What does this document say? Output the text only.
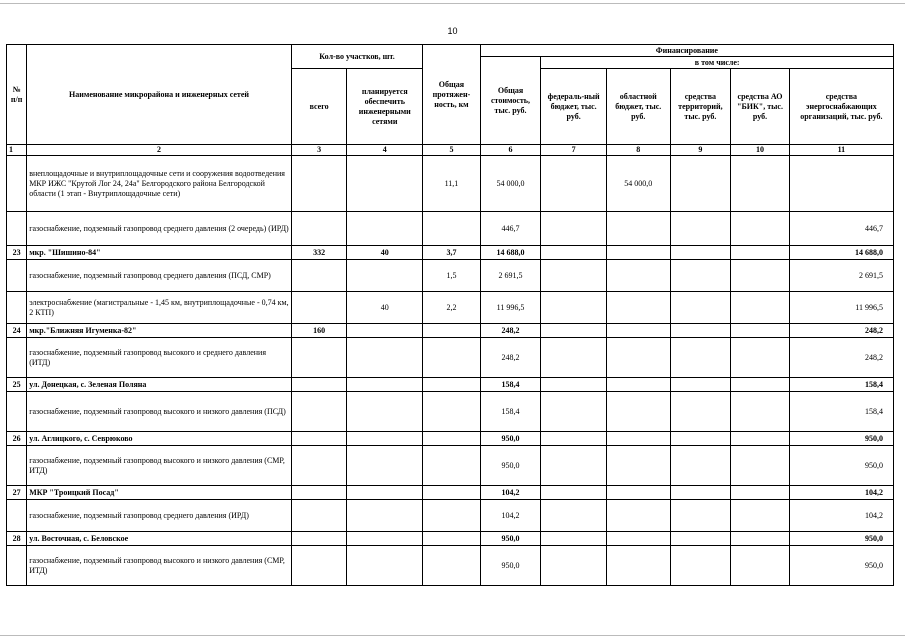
10
№
п/п	Наименование микрорайона и инженерных сетей	Кол-во участков, шт.		Общая протяжен-ность, км	Финансирование					
					Общая стоимость, тыс. руб.	в том числе:				
		всего	планируется обеспечить инженерными сетями			федераль-ный бюджет, тыс. руб.	областной бюджет, тыс. руб.	средства территорий, тыс. руб.	средства АО "БИК", тыс. руб.	средства энергоснабжающих организаций, тыс. руб.
1	2	3	4	5	6	7	8	9	10	11
	внеплощадочные и внутриплощадочные сети и сооружения водоотведения МКР ИЖС "Крутой Лог 24, 24а" Белгородского района Белгородской области (1 этап - Внутриплощадочные сети)			11,1	54 000,0		54 000,0			
	газоснабжение, подземный газопровод среднего давления (2 очередь) (ИРД)				446,7					446,7
23	мкр. "Шишино-84"	332	40	3,7	14 688,0					14 688,0
	газоснабжение, подземный газопровод среднего давления (ПСД, СМР)			1,5	2 691,5					2 691,5
	электроснабжение (магистральные - 1,45 км, внутриплощадочные - 0,74 км, 2 КТП)		40	2,2	11 996,5					11 996,5
24	мкр."Ближняя Игуменка-82"	160			248,2					248,2
	газоснабжение, подземный газопровод высокого и среднего давления (ИТД)				248,2					248,2
25	ул. Донецкая, с. Зеленая Поляна				158,4					158,4
	газоснабжение, подземный газопровод высокого и низкого давления (ПСД)				158,4					158,4
26	ул. Аглицкого, с. Севрюково				950,0					950,0
	газоснабжение, подземный газопровод высокого и низкого давления (СМР, ИТД)				950,0					950,0
27	МКР "Троицкий Посад"				104,2					104,2
	газоснабжение, подземный газопровод среднего давления (ИРД)				104,2					104,2
28	ул. Восточная, с. Беловское				950,0					950,0
	газоснабжение, подземный газопровод высокого и низкого давления (СМР, ИТД)				950,0					950,0
